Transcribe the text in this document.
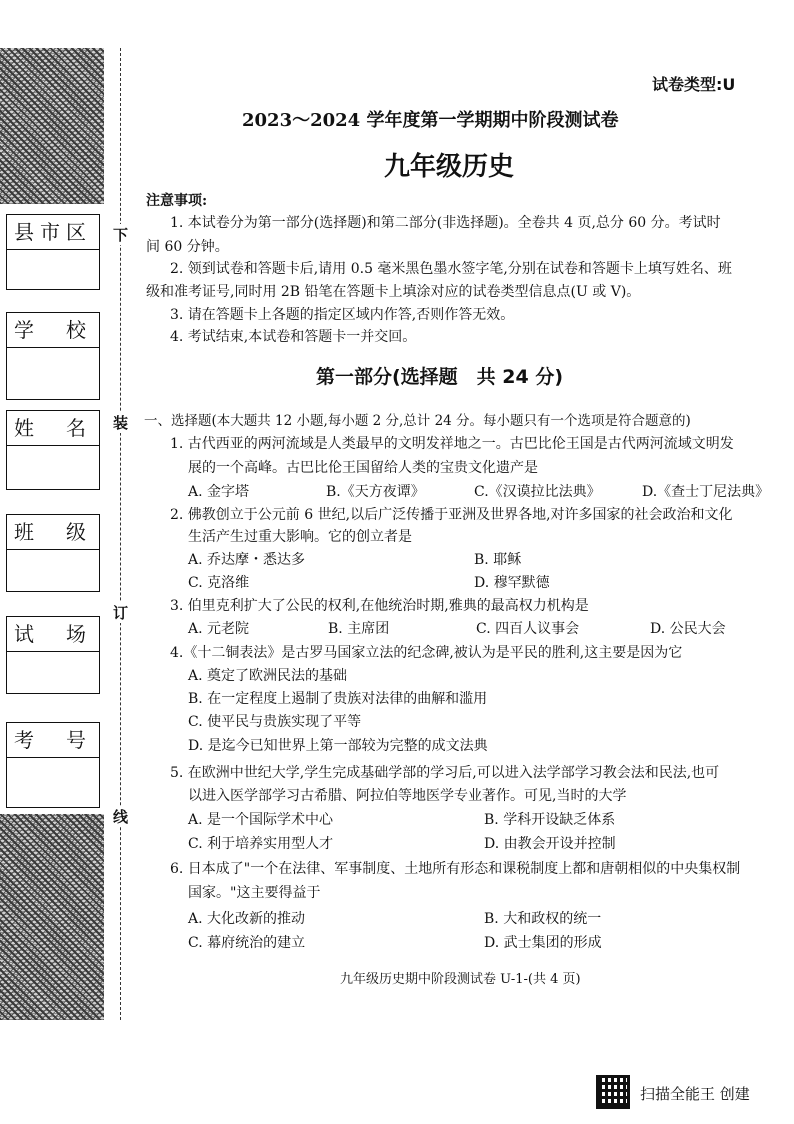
县市区
学　校
姓　名
班　级
试　场
考　号
下
装
订
线
试卷类型:U
2023～2024 学年度第一学期期中阶段测试卷
九年级历史
注意事项:
1. 本试卷分为第一部分(选择题)和第二部分(非选择题)。全卷共 4 页,总分 60 分。考试时
间 60 分钟。
2. 领到试卷和答题卡后,请用 0.5 毫米黑色墨水签字笔,分别在试卷和答题卡上填写姓名、班
级和准考证号,同时用 2B 铅笔在答题卡上填涂对应的试卷类型信息点(U 或 V)。
3. 请在答题卡上各题的指定区域内作答,否则作答无效。
4. 考试结束,本试卷和答题卡一并交回。
第一部分(选择题　共 24 分)
一、选择题(本大题共 12 小题,每小题 2 分,总计 24 分。每小题只有一个选项是符合题意的)
1. 古代西亚的两河流域是人类最早的文明发祥地之一。古巴比伦王国是古代两河流域文明发
展的一个高峰。古巴比伦王国留给人类的宝贵文化遗产是
A. 金字塔	B.《天方夜谭》	C.《汉谟拉比法典》	D.《查士丁尼法典》
2. 佛教创立于公元前 6 世纪,以后广泛传播于亚洲及世界各地,对许多国家的社会政治和文化
生活产生过重大影响。它的创立者是
A. 乔达摩・悉达多	B. 耶稣
C. 克洛维	D. 穆罕默德
3. 伯里克利扩大了公民的权利,在他统治时期,雅典的最高权力机构是
A. 元老院	B. 主席团	C. 四百人议事会	D. 公民大会
4.《十二铜表法》是古罗马国家立法的纪念碑,被认为是平民的胜利,这主要是因为它
A. 奠定了欧洲民法的基础
B. 在一定程度上遏制了贵族对法律的曲解和滥用
C. 使平民与贵族实现了平等
D. 是迄今已知世界上第一部较为完整的成文法典
5. 在欧洲中世纪大学,学生完成基础学部的学习后,可以进入法学部学习教会法和民法,也可
以进入医学部学习古希腊、阿拉伯等地医学专业著作。可见,当时的大学
A. 是一个国际学术中心	B. 学科开设缺乏体系
C. 利于培养实用型人才	D. 由教会开设并控制
6. 日本成了"一个在法律、军事制度、土地所有形态和课税制度上都和唐朝相似的中央集权制
国家。"这主要得益于
A. 大化改新的推动	B. 大和政权的统一
C. 幕府统治的建立	D. 武士集团的形成
九年级历史期中阶段测试卷 U-1-(共 4 页)
扫描全能王 创建
